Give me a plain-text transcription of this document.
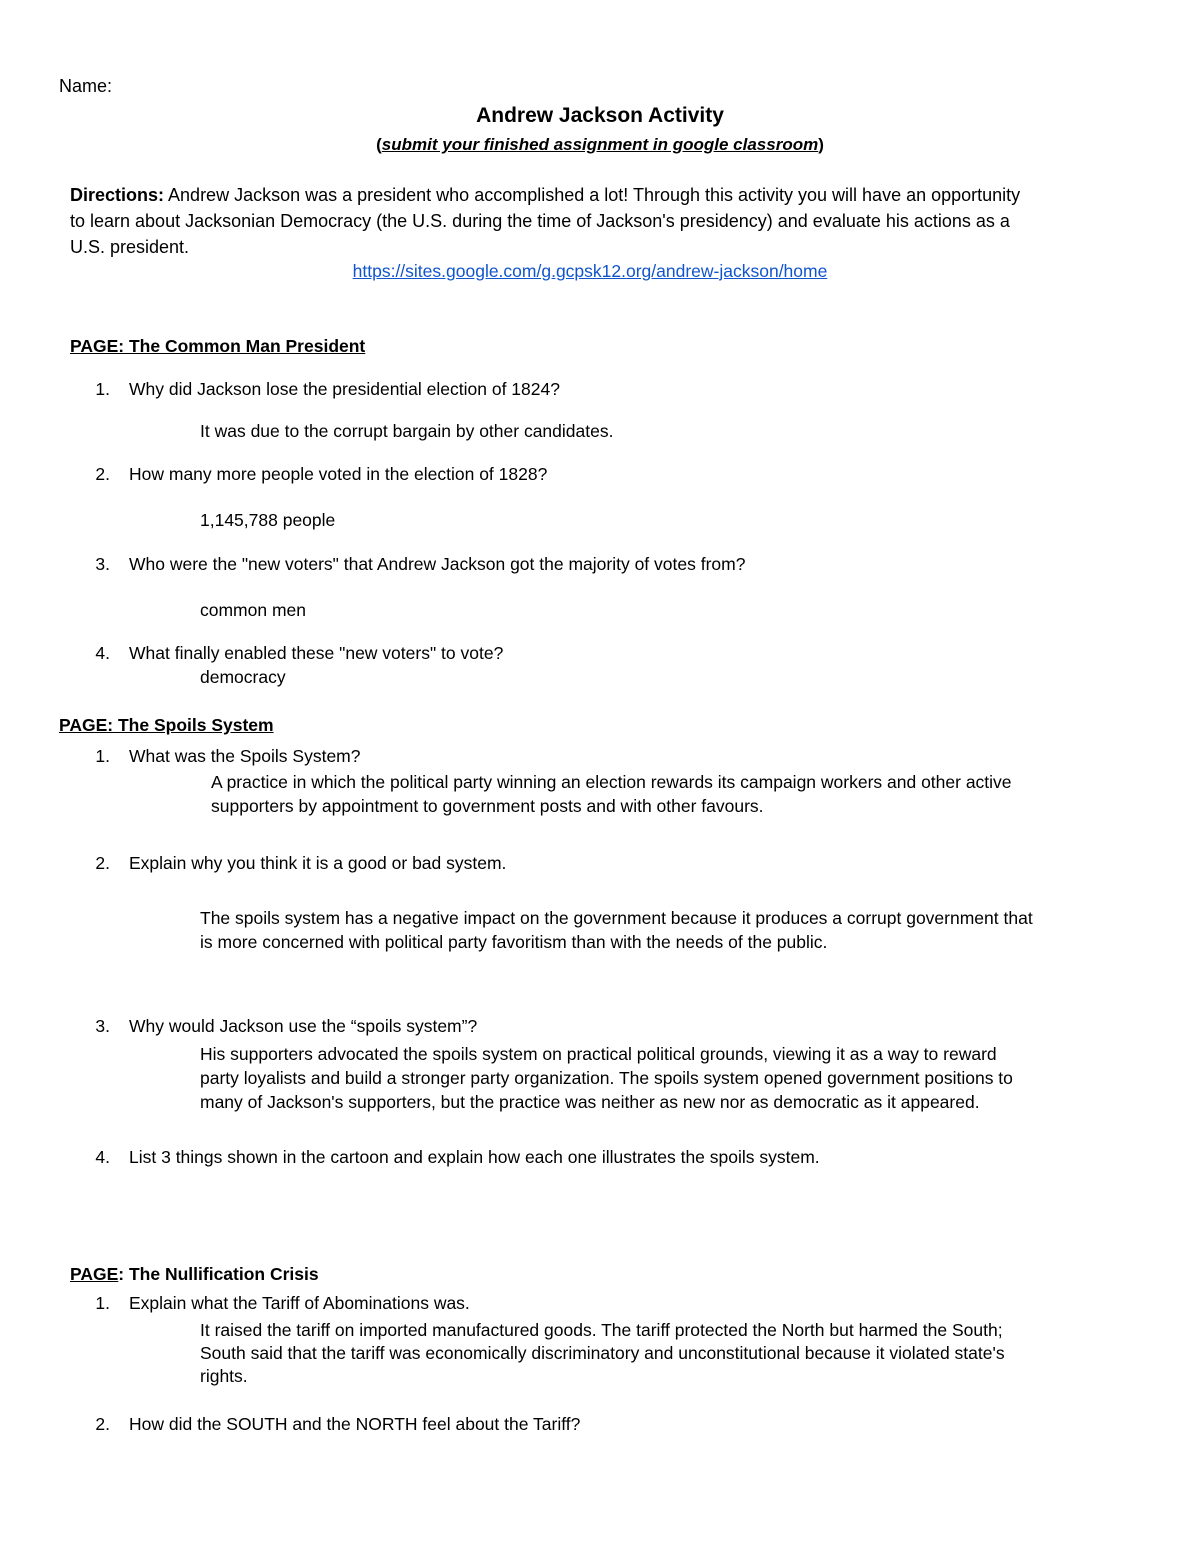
Name:
Andrew Jackson Activity
(submit your finished assignment in google classroom)
Directions: Andrew Jackson was a president who accomplished a lot! Through this activity you will have an opportunity
to learn about Jacksonian Democracy (the U.S. during the time of Jackson's presidency) and evaluate his actions as a
U.S. president.
https://sites.google.com/g.gcpsk12.org/andrew-jackson/home
PAGE: The Common Man President
1. Why did Jackson lose the presidential election of 1824?
It was due to the corrupt bargain by other candidates.
2. How many more people voted in the election of 1828?
1,145,788 people
3. Who were the "new voters" that Andrew Jackson got the majority of votes from?
common men
4. What finally enabled these "new voters" to vote?
democracy
PAGE: The Spoils System
1. What was the Spoils System?
A practice in which the political party winning an election rewards its campaign workers and other active
supporters by appointment to government posts and with other favours.
2. Explain why you think it is a good or bad system.
The spoils system has a negative impact on the government because it produces a corrupt government that
is more concerned with political party favoritism than with the needs of the public.
3. Why would Jackson use the “spoils system”?
His supporters advocated the spoils system on practical political grounds, viewing it as a way to reward
party loyalists and build a stronger party organization. The spoils system opened government positions to
many of Jackson's supporters, but the practice was neither as new nor as democratic as it appeared.
4. List 3 things shown in the cartoon and explain how each one illustrates the spoils system.
PAGE: The Nullification Crisis
1. Explain what the Tariff of Abominations was.
It raised the tariff on imported manufactured goods. The tariff protected the North but harmed the South;
South said that the tariff was economically discriminatory and unconstitutional because it violated state's
rights.
2. How did the SOUTH and the NORTH feel about the Tariff?
